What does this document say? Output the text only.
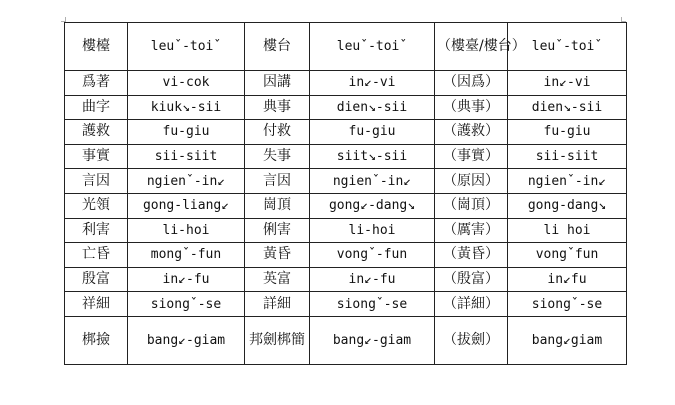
樓檯	leuˇ-toiˇ	樓台	leuˇ-toiˇ	（樓臺/樓台）	leuˇ-toiˇ
爲著	vi-cok	因講	in↙-vi	（因爲）	in↙-vi
曲字	kiuk↘-sii	典事	dien↘-sii	（典事）	dien↘-sii
護救	fu-giu	付救	fu-giu	（護救）	fu-giu
事實	sii-siit	失事	siit↘-sii	（事實）	sii-siit
言因	ngienˇ-in↙	言因	ngienˇ-in↙	（原因）	ngienˇ-in↙
光領	gong-liang↙	崗頂	gong↙-dang↘	（崗頂）	gong-dang↘
利害	li-hoi	俐害	li-hoi	（厲害）	li hoi
亡昏	mongˇ-fun	黃昏	vongˇ-fun	（黃昏）	vongˇfun
殷富	in↙-fu	英富	in↙-fu	（殷富）	in↙fu
祥細	siongˇ-se	詳細	siongˇ-se	（詳細）	siongˇ-se
梆撿	bang↙-giam	邦劍梆簡	bang↙-giam	（拔劍）	bang↙giam
